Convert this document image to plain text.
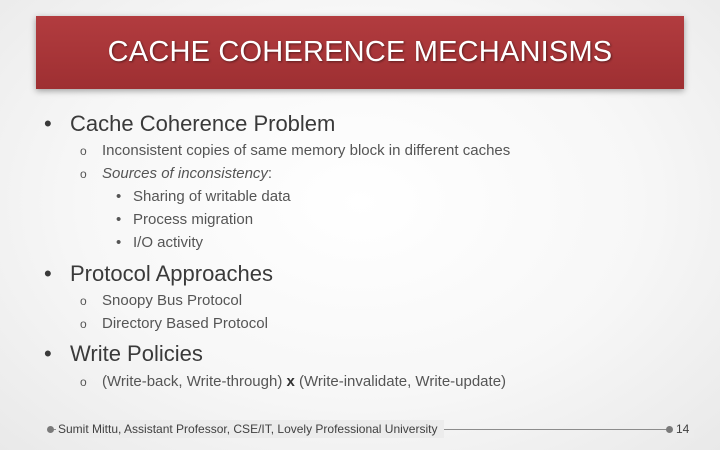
CACHE COHERENCE MECHANISMS
• Cache Coherence Problem
o Inconsistent copies of same memory block in different caches
o Sources of inconsistency:
• Sharing of writable data
• Process migration
• I/O activity
• Protocol Approaches
o Snoopy Bus Protocol
o Directory Based Protocol
• Write Policies
o (Write-back, Write-through) x (Write-invalidate, Write-update)
Sumit Mittu, Assistant Professor, CSE/IT, Lovely Professional University	14
